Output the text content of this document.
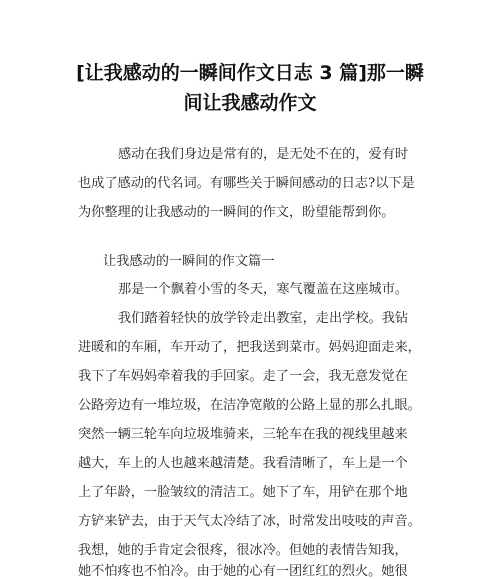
[让我感动的一瞬间作文日志 3 篇]那一瞬
间让我感动作文

感动在我们身边是常有的，是无处不在的，爱有时

也成了感动的代名词。有哪些关于瞬间感动的日志?以下是

为你整理的让我感动的一瞬间的作文，盼望能帮到你。

让我感动的一瞬间的作文篇一

那是一个飘着小雪的冬天，寒气覆盖在这座城市。

我们踏着轻快的放学铃走出教室，走出学校。我钻

进暖和的车厢，车开动了，把我送到菜市。妈妈迎面走来，

我下了车妈妈牵着我的手回家。走了一会，我无意发觉在

公路旁边有一堆垃圾，在洁净宽敞的公路上显的那么扎眼。

突然一辆三轮车向垃圾堆骑来，三轮车在我的视线里越来

越大，车上的人也越来越清楚。我看清晰了，车上是一个

上了年龄，一脸皱纹的清洁工。她下了车，用铲在那个地

方铲来铲去，由于天气太冷结了冰，时常发出吱吱的声音。

我想，她的手肯定会很疼，很冰冷。但她的表情告知我，

她不怕疼也不怕冷。由于她的心有一团红红的烈火。她很
